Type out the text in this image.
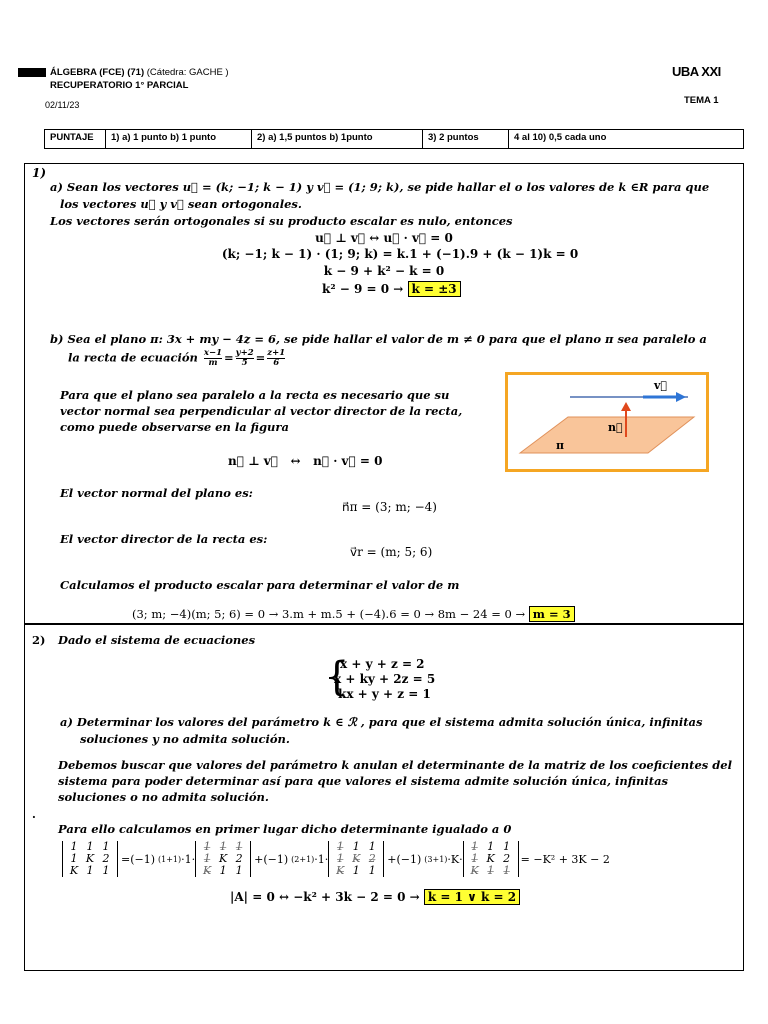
ÁLGEBRA (FCE) (71) (Cátedra: GACHE )
RECUPERATORIO 1° PARCIAL
02/11/23
UBA XXI
TEMA 1
PUNTAJE	1) a) 1 punto b) 1 punto	2) a) 1,5 puntos b) 1punto	3) 2 puntos	4 al 10) 0,5 cada uno
1)
a) Sean los vectores u⃗ = (k; −1; k − 1) y v⃗ = (1; 9; k), se pide hallar el o los valores de k ∈R para que
los vectores u⃗ y v⃗ sean ortogonales.
Los vectores serán ortogonales si su producto escalar es nulo, entonces
u⃗ ⊥ v⃗ ↔ u⃗ · v⃗ = 0
(k; −1; k − 1) · (1; 9; k) = k.1 + (−1).9 + (k − 1)k = 0
k − 9 + k² − k = 0
k² − 9 = 0 → k = ±3
b) Sea el plano π: 3x + my − 4z = 6, se pide hallar el valor de m ≠ 0 para que el plano π sea paralelo a
la recta de ecuación $\frac{x-1}{m} = \frac{y+2}{5} = \frac{z+1}{6}$
Para que el plano sea paralelo a la recta es necesario que su vector normal sea perpendicular al vector director de la recta, como puede observarse en la figura
v⃗
n⃗
π
n⃗ ⊥ v⃗   ↔   n⃗ · v⃗ = 0
El vector normal del plano es:
n⃗π = (3; m; −4)
El vector director de la recta es:
v⃗r = (m; 5; 6)
Calculamos el producto escalar para determinar el valor de m
(3; m; −4)(m; 5; 6) = 0 → 3.m + m.5 + (−4).6 = 0 → 8m − 24 = 0 → m = 3
2) Dado el sistema de ecuaciones
{
x + y + z = 2
x + ky + 2z = 5
kx + y + z = 1
a) Determinar los valores del parámetro k ∈ ℛ , para que el sistema admita solución única, infinitas
soluciones y no admita solución.
Debemos buscar que valores del parámetro k anulan el determinante de la matriz de los coeficientes del sistema para poder determinar así para que valores el sistema admite solución única, infinitas soluciones o no admita solución.
.
Para ello calculamos en primer lugar dicho determinante igualado a 0
1 1 1
1 K 2
K 1 1
=(−1) (1+1) ·1·
1̶ 1̶ 1̶
1̶ K 2
K̶ 1 1
+(−1) (2+1) ·1·
1̶ 1 1
1̶ K̶ 2̶
K̶ 1 1
+(−1) (3+1) ·K·
1̶ 1 1
1̶ K 2
K̶ 1̶ 1̶
= −K² + 3K − 2
|A| = 0 ↔ −k² + 3k − 2 = 0 → k = 1 ∨ k = 2
